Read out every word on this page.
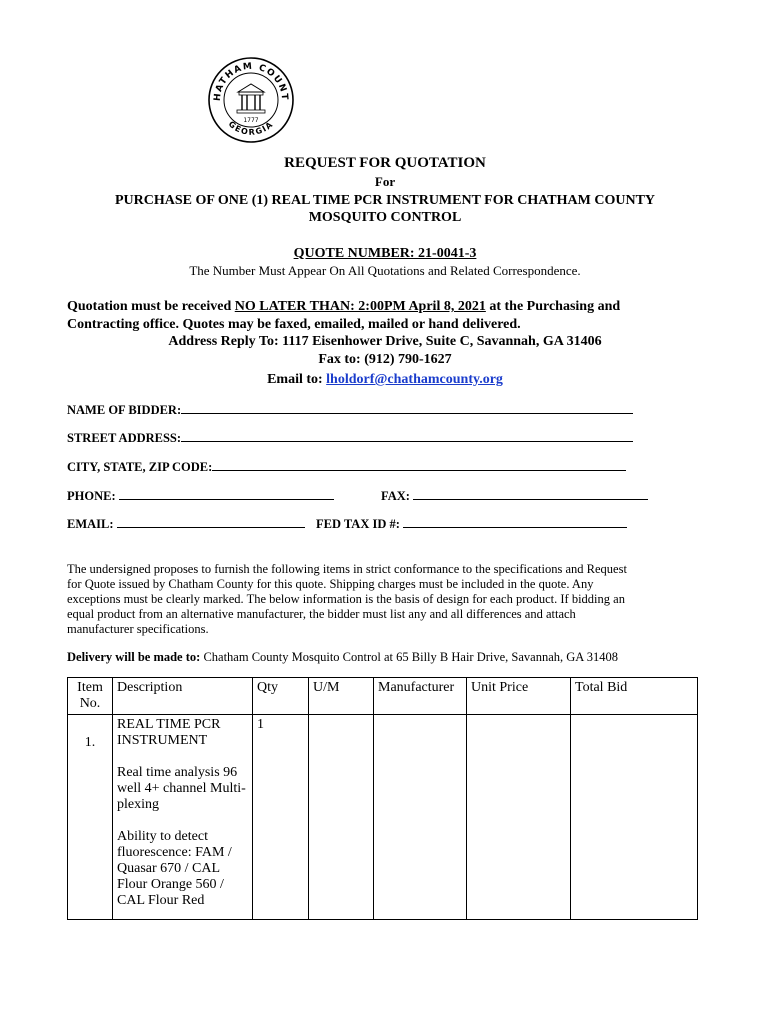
HATHAM COUNT
GEORGIA
1777
REQUEST FOR QUOTATION
For
PURCHASE OF ONE (1) REAL TIME PCR INSTRUMENT FOR CHATHAM COUNTY
MOSQUITO CONTROL
QUOTE NUMBER: 21-0041-3
The Number Must Appear On All Quotations and Related Correspondence.
Quotation must be received NO LATER THAN: 2:00PM April 8, 2021 at the Purchasing and
Contracting office. Quotes may be faxed, emailed, mailed or hand delivered.
Address Reply To: 1117 Eisenhower Drive, Suite C, Savannah, GA 31406
Fax to: (912) 790-1627
Email to: lholdorf@chathamcounty.org
NAME OF BIDDER:
STREET ADDRESS:
CITY, STATE, ZIP CODE:
PHONE:	FAX:
EMAIL:	FED TAX ID #:
The undersigned proposes to furnish the following items in strict conformance to the specifications and Request
for Quote issued by Chatham County for this quote. Shipping charges must be included in the quote. Any
exceptions must be clearly marked. The below information is the basis of design for each product. If bidding an
equal product from an alternative manufacturer, the bidder must list any and all differences and attach
manufacturer specifications.
Delivery will be made to: Chatham County Mosquito Control at 65 Billy B Hair Drive, Savannah, GA 31408
Item No.	Description	Qty	U/M	Manufacturer	Unit Price	Total Bid
1.	REAL TIME PCR INSTRUMENT
Real time analysis 96 well 4+ channel Multi-plexing
Ability to detect fluorescence: FAM / Quasar 670 / CAL Flour Orange 560 / CAL Flour Red	1				
